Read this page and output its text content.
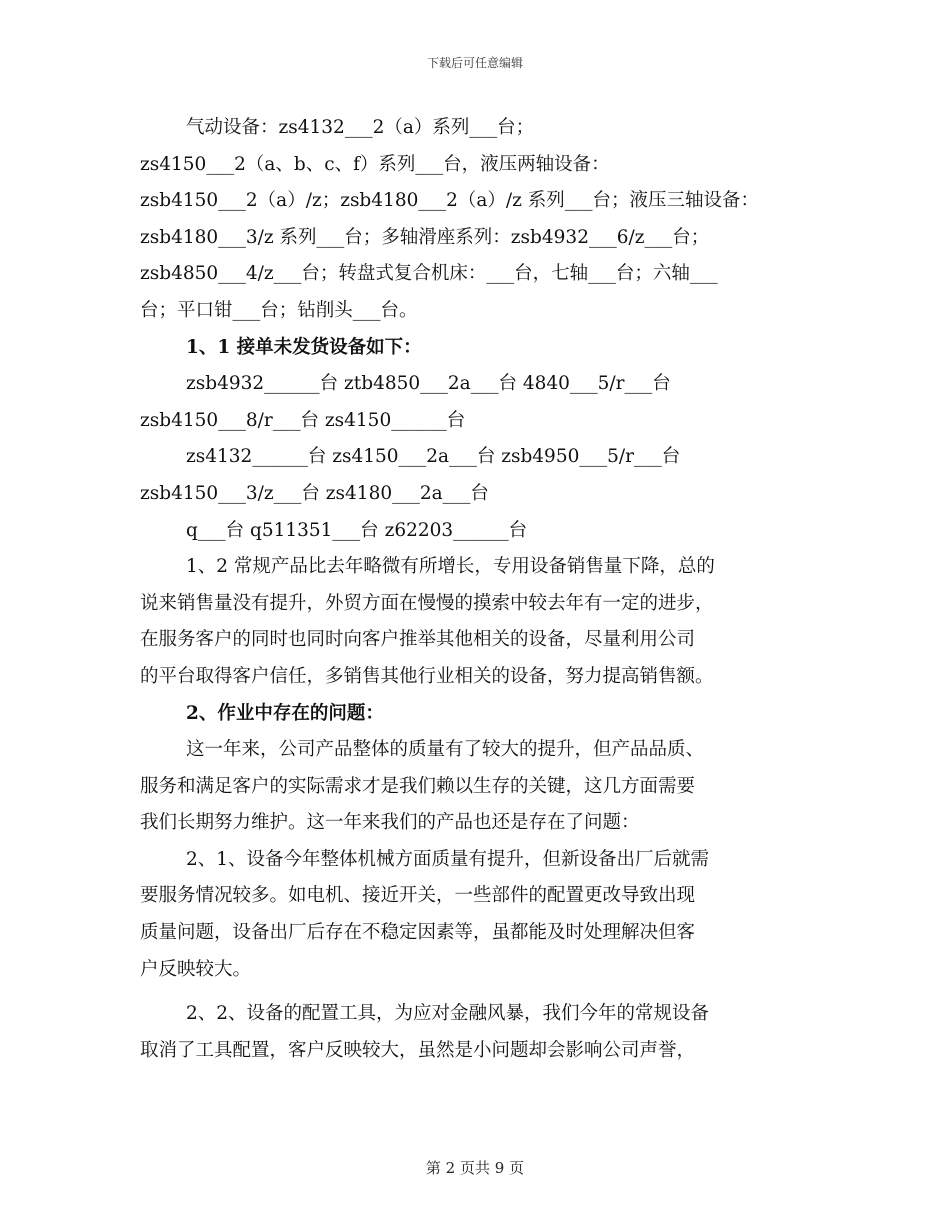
下载后可任意编辑
气动设备：zs4132___2（a）系列___台；
zs4150___2（a、b、c、f）系列___台，液压两轴设备：
zsb4150___2（a）/z；zsb4180___2（a）/z 系列___台；液压三轴设备：
zsb4180___3/z 系列___台；多轴滑座系列：zsb4932___6/z___台；
zsb4850___4/z___台；转盘式复合机床：___台，七轴___台；六轴___
台；平口钳___台；钻削头___台。
1、1 接单未发货设备如下：
zsb4932______台 ztb4850___2a___台 4840___5/r___台
zsb4150___8/r___台 zs4150______台
zs4132______台 zs4150___2a___台 zsb4950___5/r___台
zsb4150___3/z___台 zs4180___2a___台
q___台 q511351___台 z62203______台
1、2 常规产品比去年略微有所增长，专用设备销售量下降，总的
说来销售量没有提升，外贸方面在慢慢的摸索中较去年有一定的进步，
在服务客户的同时也同时向客户推举其他相关的设备，尽量利用公司
的平台取得客户信任，多销售其他行业相关的设备，努力提高销售额。
2、作业中存在的问题：
这一年来，公司产品整体的质量有了较大的提升，但产品品质、
服务和满足客户的实际需求才是我们赖以生存的关键，这几方面需要
我们长期努力维护。这一年来我们的产品也还是存在了问题：
2、1、设备今年整体机械方面质量有提升，但新设备出厂后就需
要服务情况较多。如电机、接近开关，一些部件的配置更改导致出现
质量问题，设备出厂后存在不稳定因素等，虽都能及时处理解决但客
户反映较大。
2、2、设备的配置工具，为应对金融风暴，我们今年的常规设备
取消了工具配置，客户反映较大，虽然是小问题却会影响公司声誉，
第 2 页共 9 页
